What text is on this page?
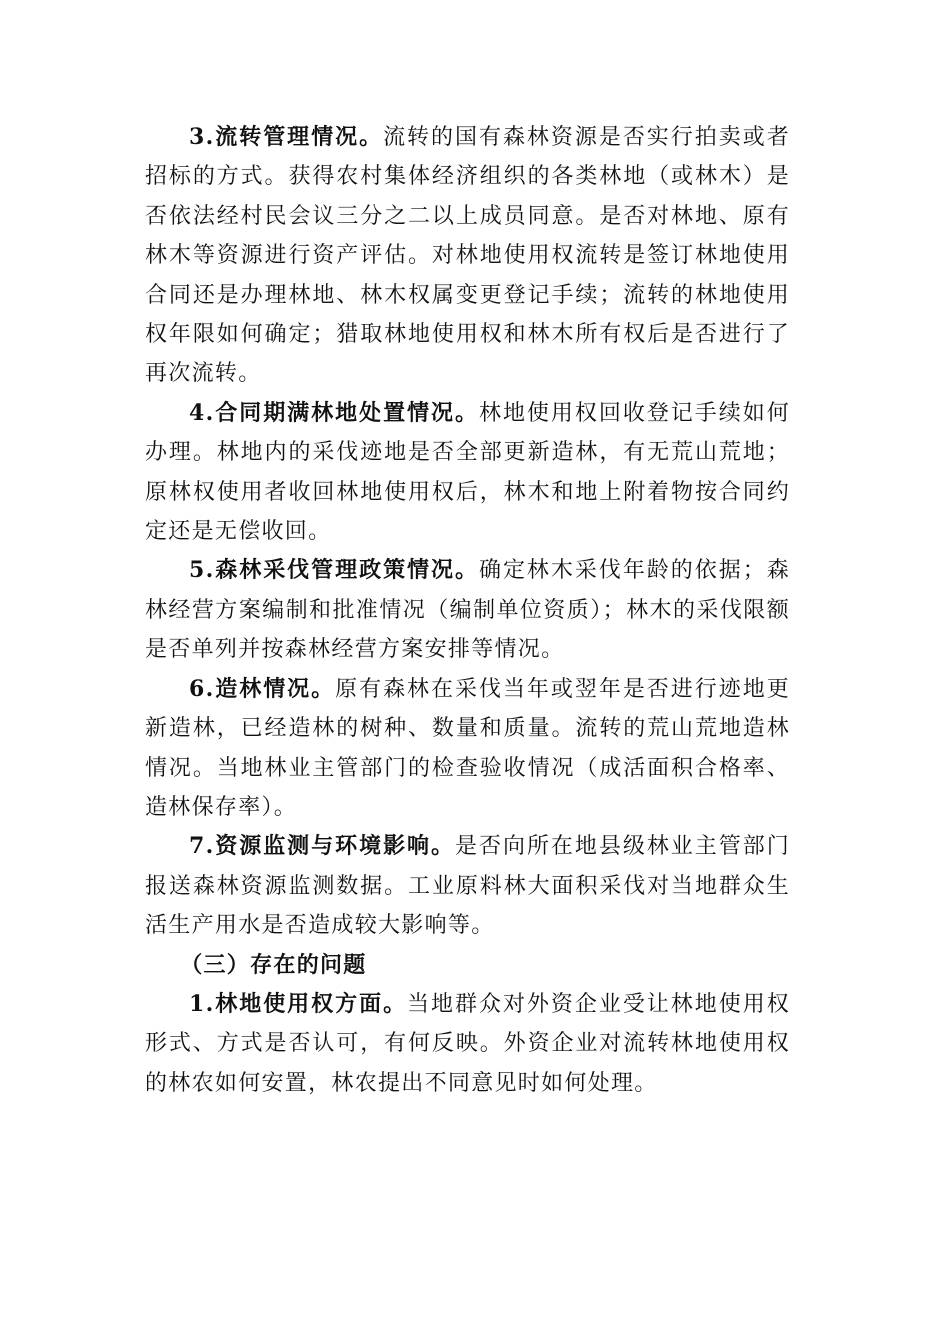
3.流转管理情况。流转的国有森林资源是否实行拍卖或者招标的方式。获得农村集体经济组织的各类林地（或林木）是否依法经村民会议三分之二以上成员同意。是否对林地、原有林木等资源进行资产评估。对林地使用权流转是签订林地使用合同还是办理林地、林木权属变更登记手续；流转的林地使用权年限如何确定；猎取林地使用权和林木所有权后是否进行了再次流转。

4.合同期满林地处置情况。林地使用权回收登记手续如何办理。林地内的采伐迹地是否全部更新造林，有无荒山荒地；原林权使用者收回林地使用权后，林木和地上附着物按合同约定还是无偿收回。

5.森林采伐管理政策情况。确定林木采伐年龄的依据；森林经营方案编制和批准情况（编制单位资质）；林木的采伐限额是否单列并按森林经营方案安排等情况。

6.造林情况。原有森林在采伐当年或翌年是否进行迹地更新造林，已经造林的树种、数量和质量。流转的荒山荒地造林情况。当地林业主管部门的检查验收情况（成活面积合格率、造林保存率）。

7.资源监测与环境影响。是否向所在地县级林业主管部门报送森林资源监测数据。工业原料林大面积采伐对当地群众生活生产用水是否造成较大影响等。

（三）存在的问题

1.林地使用权方面。当地群众对外资企业受让林地使用权形式、方式是否认可，有何反映。外资企业对流转林地使用权的林农如何安置，林农提出不同意见时如何处理。
